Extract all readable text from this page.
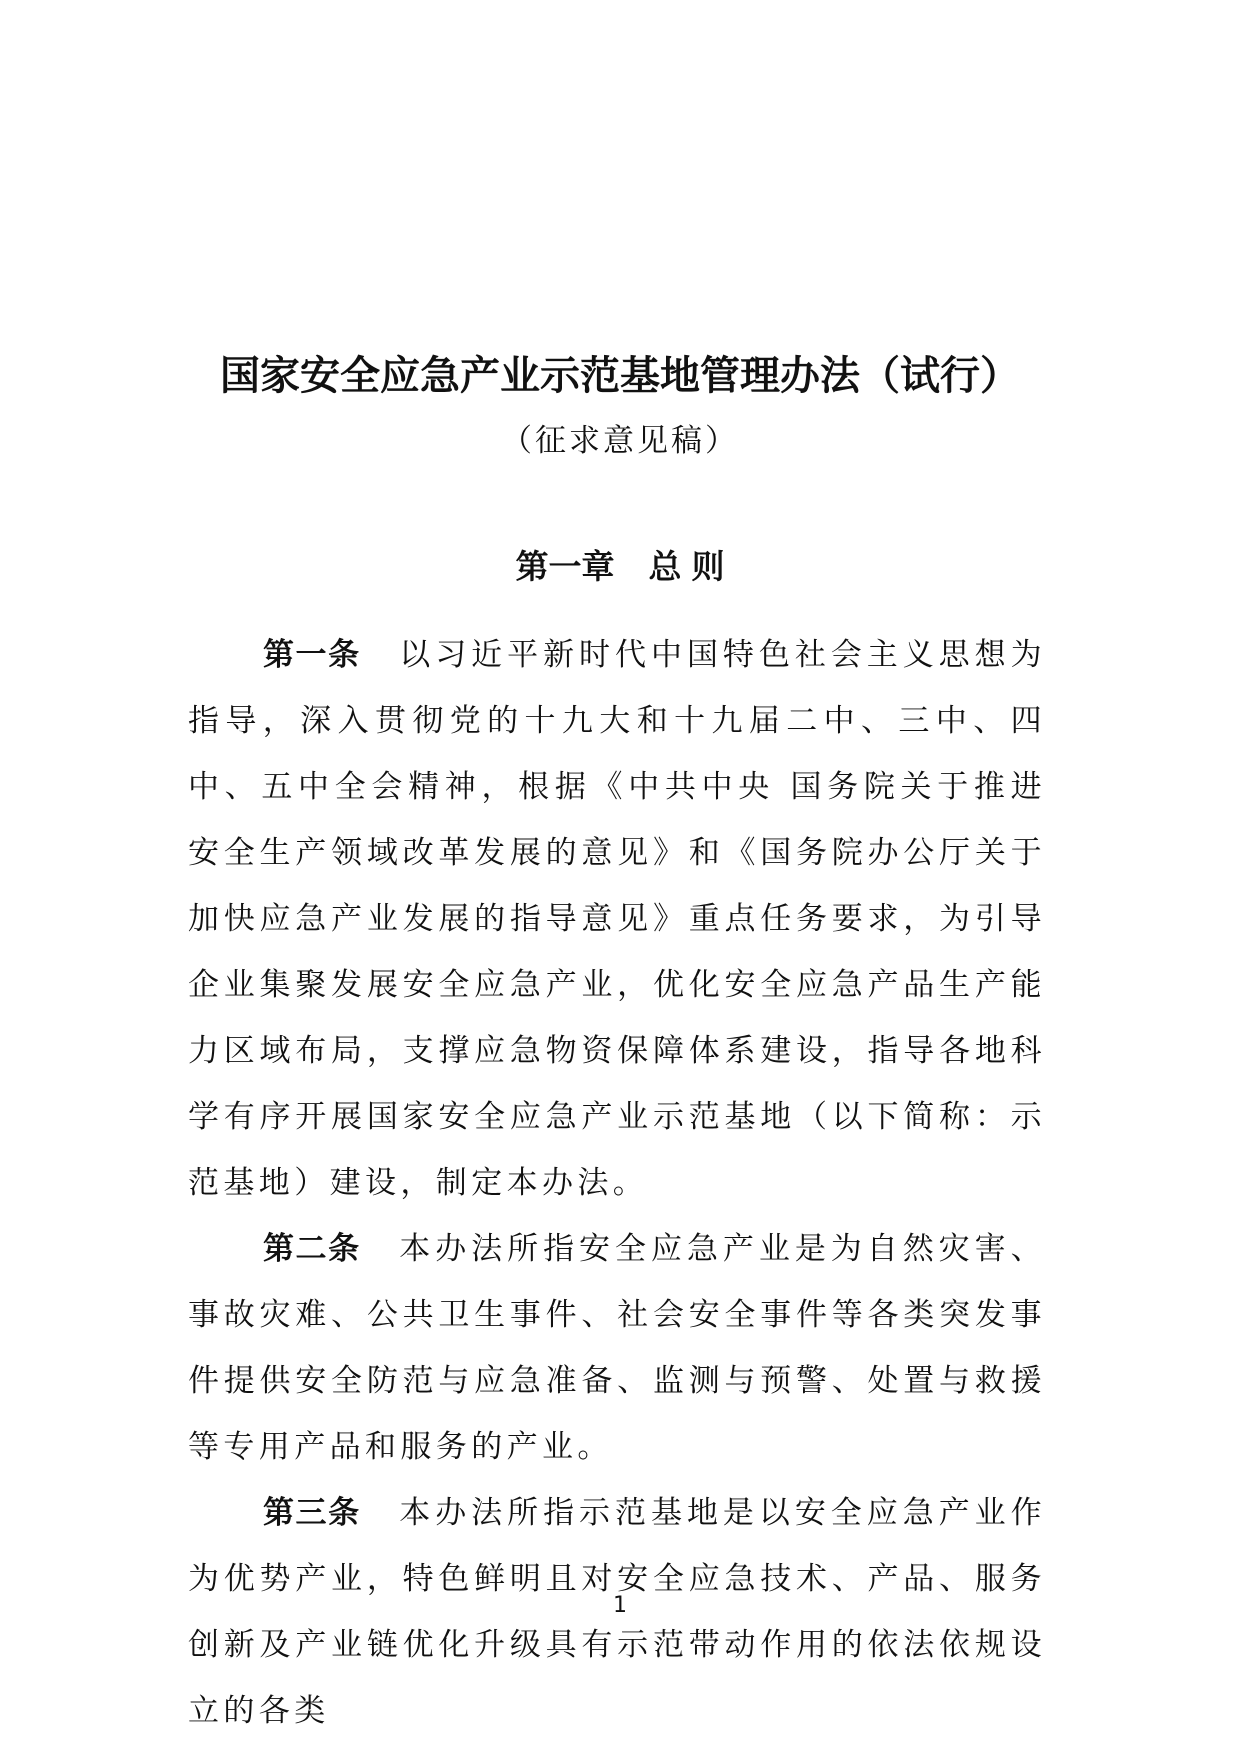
国家安全应急产业示范基地管理办法（试行）
（征求意见稿）
第一章 总 则

第一条 以习近平新时代中国特色社会主义思想为指导，深入贯彻党的十九大和十九届二中、三中、四中、五中全会精神，根据《中共中央 国务院关于推进安全生产领域改革发展的意见》和《国务院办公厅关于加快应急产业发展的指导意见》重点任务要求，为引导企业集聚发展安全应急产业，优化安全应急产品生产能力区域布局，支撑应急物资保障体系建设，指导各地科学有序开展国家安全应急产业示范基地（以下简称：示范基地）建设，制定本办法。

第二条 本办法所指安全应急产业是为自然灾害、事故灾难、公共卫生事件、社会安全事件等各类突发事件提供安全防范与应急准备、监测与预警、处置与救援等专用产品和服务的产业。

第三条 本办法所指示范基地是以安全应急产业作为优势产业，特色鲜明且对安全应急技术、产品、服务创新及产业链优化升级具有示范带动作用的依法依规设立的各类

1
